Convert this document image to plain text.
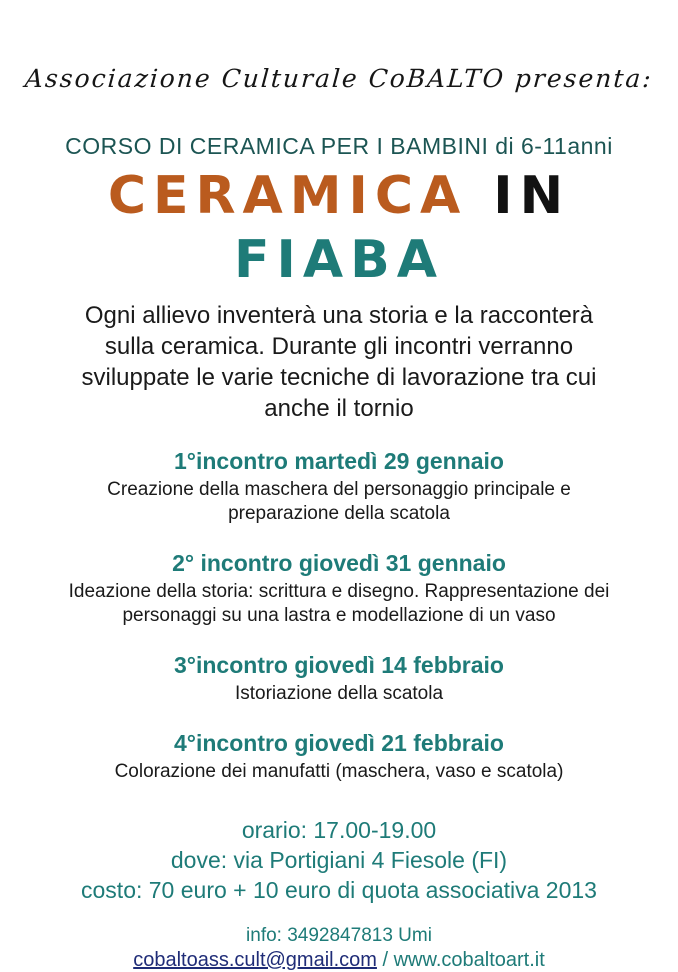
Associazione Culturale CoBALTO presenta:
CORSO DI CERAMICA PER I BAMBINI di 6-11anni
CERAMICA IN
FIABA
Ogni allievo inventerà una storia e la racconterà sulla ceramica. Durante gli incontri verranno sviluppate le varie tecniche di lavorazione tra cui anche il tornio
1°incontro martedì 29 gennaio
Creazione della maschera del personaggio principale e preparazione della scatola
2° incontro giovedì 31 gennaio
Ideazione della storia: scrittura e disegno. Rappresentazione dei personaggi su una lastra e modellazione di un vaso
3°incontro giovedì 14 febbraio
Istoriazione della scatola
4°incontro giovedì 21 febbraio
Colorazione dei manufatti (maschera, vaso e scatola)
orario: 17.00-19.00
dove: via Portigiani 4 Fiesole (FI)
costo: 70 euro + 10 euro di quota associativa 2013
info: 3492847813 Umi
cobaltoass.cult@gmail.com / www.cobaltoart.it
